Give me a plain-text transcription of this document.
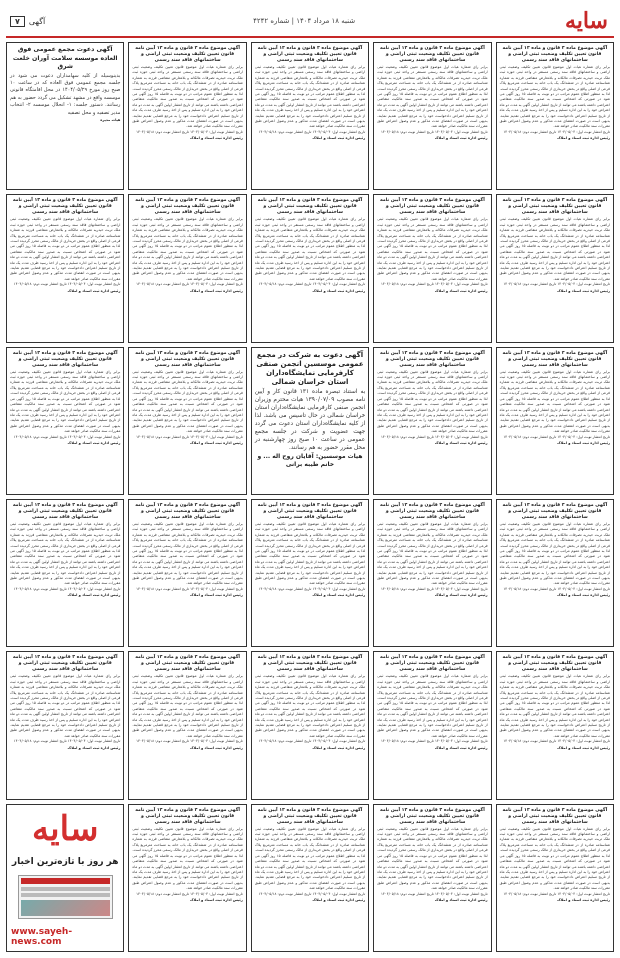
سایه
شنبه ۱۸ مرداد ۱۴۰۴ | شماره ۴۲۴۲
آگهی
۷
آگهی موضوع ماده ۳ قانون و ماده ۱۳ آیین نامه قانون تعیین تکلیف وضعیت ثبتی اراضی و ساختمانهای فاقد سند رسمی
برابر رای شماره هیات اول موضوع قانون تعیین تکلیف وضعیت ثبتی اراضی و ساختمانهای فاقد سند رسمی مستقر در واحد ثبتی حوزه ثبت ملک تربت حیدریه تصرفات مالکانه و بلامعارض متقاضی فرزند به شماره شناسنامه صادره از در ششدانگ یک باب خانه به مساحت مترمربع پلاک فرعی از اصلی واقع در بخش خریداری از مالک رسمی محرز گردیده است. لذا به منظور اطلاع عموم مراتب در دو نوبت به فاصله ۱۵ روز آگهی می شود در صورتی که اشخاص نسبت به صدور سند مالکیت متقاضی اعتراضی داشته باشند می توانند از تاریخ انتشار اولین آگهی به مدت دو ماه اعتراض خود را به این اداره تسلیم و پس از اخذ رسید ظرف مدت یک ماه از تاریخ تسلیم اعتراض دادخواست خود را به مرجع قضایی تقدیم نمایند. بدیهی است در صورت انقضای مدت مذکور و عدم وصول اعتراض طبق مقررات سند مالکیت صادر خواهد شد.
تاریخ انتشار نوبت اول: ۱۴۰۴/۰۵/۰۴ تاریخ انتشار نوبت دوم: ۱۴۰۴/۰۵/۱۸
رئیس اداره ثبت اسناد و املاک
آگهی موضوع ماده ۳ قانون و ماده ۱۳ آیین نامه قانون تعیین تکلیف وضعیت ثبتی اراضی و ساختمانهای فاقد سند رسمی
برابر رای شماره هیات اول موضوع قانون تعیین تکلیف وضعیت ثبتی اراضی و ساختمانهای فاقد سند رسمی مستقر در واحد ثبتی حوزه ثبت ملک تربت حیدریه تصرفات مالکانه و بلامعارض متقاضی فرزند به شماره شناسنامه صادره از در ششدانگ یک باب خانه به مساحت مترمربع پلاک فرعی از اصلی واقع در بخش خریداری از مالک رسمی محرز گردیده است. لذا به منظور اطلاع عموم مراتب در دو نوبت به فاصله ۱۵ روز آگهی می شود در صورتی که اشخاص نسبت به صدور سند مالکیت متقاضی اعتراضی داشته باشند می توانند از تاریخ انتشار اولین آگهی به مدت دو ماه اعتراض خود را به این اداره تسلیم و پس از اخذ رسید ظرف مدت یک ماه از تاریخ تسلیم اعتراض دادخواست خود را به مرجع قضایی تقدیم نمایند. بدیهی است در صورت انقضای مدت مذکور و عدم وصول اعتراض طبق مقررات سند مالکیت صادر خواهد شد.
تاریخ انتشار نوبت اول: ۱۴۰۴/۰۵/۰۴ تاریخ انتشار نوبت دوم: ۱۴۰۴/۰۵/۱۸
رئیس اداره ثبت اسناد و املاک
آگهی موضوع ماده ۳ قانون و ماده ۱۳ آیین نامه قانون تعیین تکلیف وضعیت ثبتی اراضی و ساختمانهای فاقد سند رسمی
برابر رای شماره هیات اول موضوع قانون تعیین تکلیف وضعیت ثبتی اراضی و ساختمانهای فاقد سند رسمی مستقر در واحد ثبتی حوزه ثبت ملک تربت حیدریه تصرفات مالکانه و بلامعارض متقاضی فرزند به شماره شناسنامه صادره از در ششدانگ یک باب خانه به مساحت مترمربع پلاک فرعی از اصلی واقع در بخش خریداری از مالک رسمی محرز گردیده است. لذا به منظور اطلاع عموم مراتب در دو نوبت به فاصله ۱۵ روز آگهی می شود در صورتی که اشخاص نسبت به صدور سند مالکیت متقاضی اعتراضی داشته باشند می توانند از تاریخ انتشار اولین آگهی به مدت دو ماه اعتراض خود را به این اداره تسلیم و پس از اخذ رسید ظرف مدت یک ماه از تاریخ تسلیم اعتراض دادخواست خود را به مرجع قضایی تقدیم نمایند. بدیهی است در صورت انقضای مدت مذکور و عدم وصول اعتراض طبق مقررات سند مالکیت صادر خواهد شد.
تاریخ انتشار نوبت اول: ۱۴۰۴/۰۵/۰۴ تاریخ انتشار نوبت دوم: ۱۴۰۴/۰۵/۱۸
رئیس اداره ثبت اسناد و املاک
آگهی موضوع ماده ۳ قانون و ماده ۱۳ آیین نامه قانون تعیین تکلیف وضعیت ثبتی اراضی و ساختمانهای فاقد سند رسمی
برابر رای شماره هیات اول موضوع قانون تعیین تکلیف وضعیت ثبتی اراضی و ساختمانهای فاقد سند رسمی مستقر در واحد ثبتی حوزه ثبت ملک تربت حیدریه تصرفات مالکانه و بلامعارض متقاضی فرزند به شماره شناسنامه صادره از در ششدانگ یک باب خانه به مساحت مترمربع پلاک فرعی از اصلی واقع در بخش خریداری از مالک رسمی محرز گردیده است. لذا به منظور اطلاع عموم مراتب در دو نوبت به فاصله ۱۵ روز آگهی می شود در صورتی که اشخاص نسبت به صدور سند مالکیت متقاضی اعتراضی داشته باشند می توانند از تاریخ انتشار اولین آگهی به مدت دو ماه اعتراض خود را به این اداره تسلیم و پس از اخذ رسید ظرف مدت یک ماه از تاریخ تسلیم اعتراض دادخواست خود را به مرجع قضایی تقدیم نمایند. بدیهی است در صورت انقضای مدت مذکور و عدم وصول اعتراض طبق مقررات سند مالکیت صادر خواهد شد.
تاریخ انتشار نوبت اول: ۱۴۰۴/۰۵/۰۴ تاریخ انتشار نوبت دوم: ۱۴۰۴/۰۵/۱۸
رئیس اداره ثبت اسناد و املاک
آگهی دعوت مجمع عمومی فوق العاده موسسه سلامت آوران خلعت شرق
بدینوسیله از کلیه سهامداران دعوت می شود در جلسه مجمع عمومی فوق العاده که در ساعت ۱۰ صبح روز مورخ ۱۴۰۴/۰۵/۲۹ در محل اقامتگاه قانونی موسسه واقع در مشهد تشکیل می گردد حضور به هم رسانند. دستور جلسه: ۱- انحلال موسسه ۲- انتخاب مدیر تصفیه و محل تصفیه
هیات مدیره
آگهی موضوع ماده ۳ قانون و ماده ۱۳ آیین نامه قانون تعیین تکلیف وضعیت ثبتی اراضی و ساختمانهای فاقد سند رسمی
برابر رای شماره هیات اول موضوع قانون تعیین تکلیف وضعیت ثبتی اراضی و ساختمانهای فاقد سند رسمی مستقر در واحد ثبتی حوزه ثبت ملک تربت حیدریه تصرفات مالکانه و بلامعارض متقاضی فرزند به شماره شناسنامه صادره از در ششدانگ یک باب خانه به مساحت مترمربع پلاک فرعی از اصلی واقع در بخش خریداری از مالک رسمی محرز گردیده است. لذا به منظور اطلاع عموم مراتب در دو نوبت به فاصله ۱۵ روز آگهی می شود در صورتی که اشخاص نسبت به صدور سند مالکیت متقاضی اعتراضی داشته باشند می توانند از تاریخ انتشار اولین آگهی به مدت دو ماه اعتراض خود را به این اداره تسلیم و پس از اخذ رسید ظرف مدت یک ماه از تاریخ تسلیم اعتراض دادخواست خود را به مرجع قضایی تقدیم نمایند. بدیهی است در صورت انقضای مدت مذکور و عدم وصول اعتراض طبق مقررات سند مالکیت صادر خواهد شد.
تاریخ انتشار نوبت اول: ۱۴۰۴/۰۵/۰۴ تاریخ انتشار نوبت دوم: ۱۴۰۴/۰۵/۱۸
رئیس اداره ثبت اسناد و املاک
آگهی موضوع ماده ۳ قانون و ماده ۱۳ آیین نامه قانون تعیین تکلیف وضعیت ثبتی اراضی و ساختمانهای فاقد سند رسمی
برابر رای شماره هیات اول موضوع قانون تعیین تکلیف وضعیت ثبتی اراضی و ساختمانهای فاقد سند رسمی مستقر در واحد ثبتی حوزه ثبت ملک تربت حیدریه تصرفات مالکانه و بلامعارض متقاضی فرزند به شماره شناسنامه صادره از در ششدانگ یک باب خانه به مساحت مترمربع پلاک فرعی از اصلی واقع در بخش خریداری از مالک رسمی محرز گردیده است. لذا به منظور اطلاع عموم مراتب در دو نوبت به فاصله ۱۵ روز آگهی می شود در صورتی که اشخاص نسبت به صدور سند مالکیت متقاضی اعتراضی داشته باشند می توانند از تاریخ انتشار اولین آگهی به مدت دو ماه اعتراض خود را به این اداره تسلیم و پس از اخذ رسید ظرف مدت یک ماه از تاریخ تسلیم اعتراض دادخواست خود را به مرجع قضایی تقدیم نمایند. بدیهی است در صورت انقضای مدت مذکور و عدم وصول اعتراض طبق مقررات سند مالکیت صادر خواهد شد.
تاریخ انتشار نوبت اول: ۱۴۰۴/۰۵/۰۴ تاریخ انتشار نوبت دوم: ۱۴۰۴/۰۵/۱۸
رئیس اداره ثبت اسناد و املاک
آگهی موضوع ماده ۳ قانون و ماده ۱۳ آیین نامه قانون تعیین تکلیف وضعیت ثبتی اراضی و ساختمانهای فاقد سند رسمی
برابر رای شماره هیات اول موضوع قانون تعیین تکلیف وضعیت ثبتی اراضی و ساختمانهای فاقد سند رسمی مستقر در واحد ثبتی حوزه ثبت ملک تربت حیدریه تصرفات مالکانه و بلامعارض متقاضی فرزند به شماره شناسنامه صادره از در ششدانگ یک باب خانه به مساحت مترمربع پلاک فرعی از اصلی واقع در بخش خریداری از مالک رسمی محرز گردیده است. لذا به منظور اطلاع عموم مراتب در دو نوبت به فاصله ۱۵ روز آگهی می شود در صورتی که اشخاص نسبت به صدور سند مالکیت متقاضی اعتراضی داشته باشند می توانند از تاریخ انتشار اولین آگهی به مدت دو ماه اعتراض خود را به این اداره تسلیم و پس از اخذ رسید ظرف مدت یک ماه از تاریخ تسلیم اعتراض دادخواست خود را به مرجع قضایی تقدیم نمایند. بدیهی است در صورت انقضای مدت مذکور و عدم وصول اعتراض طبق مقررات سند مالکیت صادر خواهد شد.
تاریخ انتشار نوبت اول: ۱۴۰۴/۰۵/۰۴ تاریخ انتشار نوبت دوم: ۱۴۰۴/۰۵/۱۸
رئیس اداره ثبت اسناد و املاک
آگهی موضوع ماده ۳ قانون و ماده ۱۳ آیین نامه قانون تعیین تکلیف وضعیت ثبتی اراضی و ساختمانهای فاقد سند رسمی
برابر رای شماره هیات اول موضوع قانون تعیین تکلیف وضعیت ثبتی اراضی و ساختمانهای فاقد سند رسمی مستقر در واحد ثبتی حوزه ثبت ملک تربت حیدریه تصرفات مالکانه و بلامعارض متقاضی فرزند به شماره شناسنامه صادره از در ششدانگ یک باب خانه به مساحت مترمربع پلاک فرعی از اصلی واقع در بخش خریداری از مالک رسمی محرز گردیده است. لذا به منظور اطلاع عموم مراتب در دو نوبت به فاصله ۱۵ روز آگهی می شود در صورتی که اشخاص نسبت به صدور سند مالکیت متقاضی اعتراضی داشته باشند می توانند از تاریخ انتشار اولین آگهی به مدت دو ماه اعتراض خود را به این اداره تسلیم و پس از اخذ رسید ظرف مدت یک ماه از تاریخ تسلیم اعتراض دادخواست خود را به مرجع قضایی تقدیم نمایند. بدیهی است در صورت انقضای مدت مذکور و عدم وصول اعتراض طبق مقررات سند مالکیت صادر خواهد شد.
تاریخ انتشار نوبت اول: ۱۴۰۴/۰۵/۰۴ تاریخ انتشار نوبت دوم: ۱۴۰۴/۰۵/۱۸
رئیس اداره ثبت اسناد و املاک
آگهی موضوع ماده ۳ قانون و ماده ۱۳ آیین نامه قانون تعیین تکلیف وضعیت ثبتی اراضی و ساختمانهای فاقد سند رسمی
برابر رای شماره هیات اول موضوع قانون تعیین تکلیف وضعیت ثبتی اراضی و ساختمانهای فاقد سند رسمی مستقر در واحد ثبتی حوزه ثبت ملک تربت حیدریه تصرفات مالکانه و بلامعارض متقاضی فرزند به شماره شناسنامه صادره از در ششدانگ یک باب خانه به مساحت مترمربع پلاک فرعی از اصلی واقع در بخش خریداری از مالک رسمی محرز گردیده است. لذا به منظور اطلاع عموم مراتب در دو نوبت به فاصله ۱۵ روز آگهی می شود در صورتی که اشخاص نسبت به صدور سند مالکیت متقاضی اعتراضی داشته باشند می توانند از تاریخ انتشار اولین آگهی به مدت دو ماه اعتراض خود را به این اداره تسلیم و پس از اخذ رسید ظرف مدت یک ماه از تاریخ تسلیم اعتراض دادخواست خود را به مرجع قضایی تقدیم نمایند. بدیهی است در صورت انقضای مدت مذکور و عدم وصول اعتراض طبق مقررات سند مالکیت صادر خواهد شد.
تاریخ انتشار نوبت اول: ۱۴۰۴/۰۵/۰۴ تاریخ انتشار نوبت دوم: ۱۴۰۴/۰۵/۱۸
رئیس اداره ثبت اسناد و املاک
آگهی موضوع ماده ۳ قانون و ماده ۱۳ آیین نامه قانون تعیین تکلیف وضعیت ثبتی اراضی و ساختمانهای فاقد سند رسمی
برابر رای شماره هیات اول موضوع قانون تعیین تکلیف وضعیت ثبتی اراضی و ساختمانهای فاقد سند رسمی مستقر در واحد ثبتی حوزه ثبت ملک تربت حیدریه تصرفات مالکانه و بلامعارض متقاضی فرزند به شماره شناسنامه صادره از در ششدانگ یک باب خانه به مساحت مترمربع پلاک فرعی از اصلی واقع در بخش خریداری از مالک رسمی محرز گردیده است. لذا به منظور اطلاع عموم مراتب در دو نوبت به فاصله ۱۵ روز آگهی می شود در صورتی که اشخاص نسبت به صدور سند مالکیت متقاضی اعتراضی داشته باشند می توانند از تاریخ انتشار اولین آگهی به مدت دو ماه اعتراض خود را به این اداره تسلیم و پس از اخذ رسید ظرف مدت یک ماه از تاریخ تسلیم اعتراض دادخواست خود را به مرجع قضایی تقدیم نمایند. بدیهی است در صورت انقضای مدت مذکور و عدم وصول اعتراض طبق مقررات سند مالکیت صادر خواهد شد.
تاریخ انتشار نوبت اول: ۱۴۰۴/۰۵/۰۴ تاریخ انتشار نوبت دوم: ۱۴۰۴/۰۵/۱۸
رئیس اداره ثبت اسناد و املاک
آگهی موضوع ماده ۳ قانون و ماده ۱۳ آیین نامه قانون تعیین تکلیف وضعیت ثبتی اراضی و ساختمانهای فاقد سند رسمی
برابر رای شماره هیات اول موضوع قانون تعیین تکلیف وضعیت ثبتی اراضی و ساختمانهای فاقد سند رسمی مستقر در واحد ثبتی حوزه ثبت ملک تربت حیدریه تصرفات مالکانه و بلامعارض متقاضی فرزند به شماره شناسنامه صادره از در ششدانگ یک باب خانه به مساحت مترمربع پلاک فرعی از اصلی واقع در بخش خریداری از مالک رسمی محرز گردیده است. لذا به منظور اطلاع عموم مراتب در دو نوبت به فاصله ۱۵ روز آگهی می شود در صورتی که اشخاص نسبت به صدور سند مالکیت متقاضی اعتراضی داشته باشند می توانند از تاریخ انتشار اولین آگهی به مدت دو ماه اعتراض خود را به این اداره تسلیم و پس از اخذ رسید ظرف مدت یک ماه از تاریخ تسلیم اعتراض دادخواست خود را به مرجع قضایی تقدیم نمایند. بدیهی است در صورت انقضای مدت مذکور و عدم وصول اعتراض طبق مقررات سند مالکیت صادر خواهد شد.
تاریخ انتشار نوبت اول: ۱۴۰۴/۰۵/۰۴ تاریخ انتشار نوبت دوم: ۱۴۰۴/۰۵/۱۸
رئیس اداره ثبت اسناد و املاک
آگهی دعوت به شرکت در مجمع عمومی موسسین انجمن صنفی کارفرمایی نمایشگاه‌داران استان خراسان شمالی
به استناد تبصره ماده ۱۳۱ قانون کار و آیین نامه مصوب ۱۳۹۰/۰۷/۰۹ هیات محترم وزیران انجمن صنفی کارفرمایی نمایشگاه‌داران استان خراسان شمالی در حال تاسیس می باشد. لذا از کلیه نمایشگاه‌داران استان دعوت می گردد جهت عضویت و شرکت در جلسه مجمع عمومی در ساعت ۱۰ صبح روز چهارشنبه در محل مقرر حضور به هم رسانند.
هیات موسسین: آقایان روح اله ... و خانم طیبه برانی
آگهی موضوع ماده ۳ قانون و ماده ۱۳ آیین نامه قانون تعیین تکلیف وضعیت ثبتی اراضی و ساختمانهای فاقد سند رسمی
برابر رای شماره هیات اول موضوع قانون تعیین تکلیف وضعیت ثبتی اراضی و ساختمانهای فاقد سند رسمی مستقر در واحد ثبتی حوزه ثبت ملک تربت حیدریه تصرفات مالکانه و بلامعارض متقاضی فرزند به شماره شناسنامه صادره از در ششدانگ یک باب خانه به مساحت مترمربع پلاک فرعی از اصلی واقع در بخش خریداری از مالک رسمی محرز گردیده است. لذا به منظور اطلاع عموم مراتب در دو نوبت به فاصله ۱۵ روز آگهی می شود در صورتی که اشخاص نسبت به صدور سند مالکیت متقاضی اعتراضی داشته باشند می توانند از تاریخ انتشار اولین آگهی به مدت دو ماه اعتراض خود را به این اداره تسلیم و پس از اخذ رسید ظرف مدت یک ماه از تاریخ تسلیم اعتراض دادخواست خود را به مرجع قضایی تقدیم نمایند. بدیهی است در صورت انقضای مدت مذکور و عدم وصول اعتراض طبق مقررات سند مالکیت صادر خواهد شد.
تاریخ انتشار نوبت اول: ۱۴۰۴/۰۵/۰۴ تاریخ انتشار نوبت دوم: ۱۴۰۴/۰۵/۱۸
رئیس اداره ثبت اسناد و املاک
آگهی موضوع ماده ۳ قانون و ماده ۱۳ آیین نامه قانون تعیین تکلیف وضعیت ثبتی اراضی و ساختمانهای فاقد سند رسمی
برابر رای شماره هیات اول موضوع قانون تعیین تکلیف وضعیت ثبتی اراضی و ساختمانهای فاقد سند رسمی مستقر در واحد ثبتی حوزه ثبت ملک تربت حیدریه تصرفات مالکانه و بلامعارض متقاضی فرزند به شماره شناسنامه صادره از در ششدانگ یک باب خانه به مساحت مترمربع پلاک فرعی از اصلی واقع در بخش خریداری از مالک رسمی محرز گردیده است. لذا به منظور اطلاع عموم مراتب در دو نوبت به فاصله ۱۵ روز آگهی می شود در صورتی که اشخاص نسبت به صدور سند مالکیت متقاضی اعتراضی داشته باشند می توانند از تاریخ انتشار اولین آگهی به مدت دو ماه اعتراض خود را به این اداره تسلیم و پس از اخذ رسید ظرف مدت یک ماه از تاریخ تسلیم اعتراض دادخواست خود را به مرجع قضایی تقدیم نمایند. بدیهی است در صورت انقضای مدت مذکور و عدم وصول اعتراض طبق مقررات سند مالکیت صادر خواهد شد.
تاریخ انتشار نوبت اول: ۱۴۰۴/۰۵/۰۴ تاریخ انتشار نوبت دوم: ۱۴۰۴/۰۵/۱۸
رئیس اداره ثبت اسناد و املاک
آگهی موضوع ماده ۳ قانون و ماده ۱۳ آیین نامه قانون تعیین تکلیف وضعیت ثبتی اراضی و ساختمانهای فاقد سند رسمی
برابر رای شماره هیات اول موضوع قانون تعیین تکلیف وضعیت ثبتی اراضی و ساختمانهای فاقد سند رسمی مستقر در واحد ثبتی حوزه ثبت ملک تربت حیدریه تصرفات مالکانه و بلامعارض متقاضی فرزند به شماره شناسنامه صادره از در ششدانگ یک باب خانه به مساحت مترمربع پلاک فرعی از اصلی واقع در بخش خریداری از مالک رسمی محرز گردیده است. لذا به منظور اطلاع عموم مراتب در دو نوبت به فاصله ۱۵ روز آگهی می شود در صورتی که اشخاص نسبت به صدور سند مالکیت متقاضی اعتراضی داشته باشند می توانند از تاریخ انتشار اولین آگهی به مدت دو ماه اعتراض خود را به این اداره تسلیم و پس از اخذ رسید ظرف مدت یک ماه از تاریخ تسلیم اعتراض دادخواست خود را به مرجع قضایی تقدیم نمایند. بدیهی است در صورت انقضای مدت مذکور و عدم وصول اعتراض طبق مقررات سند مالکیت صادر خواهد شد.
تاریخ انتشار نوبت اول: ۱۴۰۴/۰۵/۰۴ تاریخ انتشار نوبت دوم: ۱۴۰۴/۰۵/۱۸
رئیس اداره ثبت اسناد و املاک
آگهی موضوع ماده ۳ قانون و ماده ۱۳ آیین نامه قانون تعیین تکلیف وضعیت ثبتی اراضی و ساختمانهای فاقد سند رسمی
برابر رای شماره هیات اول موضوع قانون تعیین تکلیف وضعیت ثبتی اراضی و ساختمانهای فاقد سند رسمی مستقر در واحد ثبتی حوزه ثبت ملک تربت حیدریه تصرفات مالکانه و بلامعارض متقاضی فرزند به شماره شناسنامه صادره از در ششدانگ یک باب خانه به مساحت مترمربع پلاک فرعی از اصلی واقع در بخش خریداری از مالک رسمی محرز گردیده است. لذا به منظور اطلاع عموم مراتب در دو نوبت به فاصله ۱۵ روز آگهی می شود در صورتی که اشخاص نسبت به صدور سند مالکیت متقاضی اعتراضی داشته باشند می توانند از تاریخ انتشار اولین آگهی به مدت دو ماه اعتراض خود را به این اداره تسلیم و پس از اخذ رسید ظرف مدت یک ماه از تاریخ تسلیم اعتراض دادخواست خود را به مرجع قضایی تقدیم نمایند. بدیهی است در صورت انقضای مدت مذکور و عدم وصول اعتراض طبق مقررات سند مالکیت صادر خواهد شد.
تاریخ انتشار نوبت اول: ۱۴۰۴/۰۵/۰۴ تاریخ انتشار نوبت دوم: ۱۴۰۴/۰۵/۱۸
رئیس اداره ثبت اسناد و املاک
آگهی موضوع ماده ۳ قانون و ماده ۱۳ آیین نامه قانون تعیین تکلیف وضعیت ثبتی اراضی و ساختمانهای فاقد سند رسمی
برابر رای شماره هیات اول موضوع قانون تعیین تکلیف وضعیت ثبتی اراضی و ساختمانهای فاقد سند رسمی مستقر در واحد ثبتی حوزه ثبت ملک تربت حیدریه تصرفات مالکانه و بلامعارض متقاضی فرزند به شماره شناسنامه صادره از در ششدانگ یک باب خانه به مساحت مترمربع پلاک فرعی از اصلی واقع در بخش خریداری از مالک رسمی محرز گردیده است. لذا به منظور اطلاع عموم مراتب در دو نوبت به فاصله ۱۵ روز آگهی می شود در صورتی که اشخاص نسبت به صدور سند مالکیت متقاضی اعتراضی داشته باشند می توانند از تاریخ انتشار اولین آگهی به مدت دو ماه اعتراض خود را به این اداره تسلیم و پس از اخذ رسید ظرف مدت یک ماه از تاریخ تسلیم اعتراض دادخواست خود را به مرجع قضایی تقدیم نمایند. بدیهی است در صورت انقضای مدت مذکور و عدم وصول اعتراض طبق مقررات سند مالکیت صادر خواهد شد.
تاریخ انتشار نوبت اول: ۱۴۰۴/۰۵/۰۴ تاریخ انتشار نوبت دوم: ۱۴۰۴/۰۵/۱۸
رئیس اداره ثبت اسناد و املاک
آگهی موضوع ماده ۳ قانون و ماده ۱۳ آیین نامه قانون تعیین تکلیف وضعیت ثبتی اراضی و ساختمانهای فاقد سند رسمی
برابر رای شماره هیات اول موضوع قانون تعیین تکلیف وضعیت ثبتی اراضی و ساختمانهای فاقد سند رسمی مستقر در واحد ثبتی حوزه ثبت ملک تربت حیدریه تصرفات مالکانه و بلامعارض متقاضی فرزند به شماره شناسنامه صادره از در ششدانگ یک باب خانه به مساحت مترمربع پلاک فرعی از اصلی واقع در بخش خریداری از مالک رسمی محرز گردیده است. لذا به منظور اطلاع عموم مراتب در دو نوبت به فاصله ۱۵ روز آگهی می شود در صورتی که اشخاص نسبت به صدور سند مالکیت متقاضی اعتراضی داشته باشند می توانند از تاریخ انتشار اولین آگهی به مدت دو ماه اعتراض خود را به این اداره تسلیم و پس از اخذ رسید ظرف مدت یک ماه از تاریخ تسلیم اعتراض دادخواست خود را به مرجع قضایی تقدیم نمایند. بدیهی است در صورت انقضای مدت مذکور و عدم وصول اعتراض طبق مقررات سند مالکیت صادر خواهد شد.
تاریخ انتشار نوبت اول: ۱۴۰۴/۰۵/۰۴ تاریخ انتشار نوبت دوم: ۱۴۰۴/۰۵/۱۸
رئیس اداره ثبت اسناد و املاک
آگهی موضوع ماده ۳ قانون و ماده ۱۳ آیین نامه قانون تعیین تکلیف وضعیت ثبتی اراضی و ساختمانهای فاقد سند رسمی
برابر رای شماره هیات اول موضوع قانون تعیین تکلیف وضعیت ثبتی اراضی و ساختمانهای فاقد سند رسمی مستقر در واحد ثبتی حوزه ثبت ملک تربت حیدریه تصرفات مالکانه و بلامعارض متقاضی فرزند به شماره شناسنامه صادره از در ششدانگ یک باب خانه به مساحت مترمربع پلاک فرعی از اصلی واقع در بخش خریداری از مالک رسمی محرز گردیده است. لذا به منظور اطلاع عموم مراتب در دو نوبت به فاصله ۱۵ روز آگهی می شود در صورتی که اشخاص نسبت به صدور سند مالکیت متقاضی اعتراضی داشته باشند می توانند از تاریخ انتشار اولین آگهی به مدت دو ماه اعتراض خود را به این اداره تسلیم و پس از اخذ رسید ظرف مدت یک ماه از تاریخ تسلیم اعتراض دادخواست خود را به مرجع قضایی تقدیم نمایند. بدیهی است در صورت انقضای مدت مذکور و عدم وصول اعتراض طبق مقررات سند مالکیت صادر خواهد شد.
تاریخ انتشار نوبت اول: ۱۴۰۴/۰۵/۰۴ تاریخ انتشار نوبت دوم: ۱۴۰۴/۰۵/۱۸
رئیس اداره ثبت اسناد و املاک
آگهی موضوع ماده ۳ قانون و ماده ۱۳ آیین نامه قانون تعیین تکلیف وضعیت ثبتی اراضی و ساختمانهای فاقد سند رسمی
برابر رای شماره هیات اول موضوع قانون تعیین تکلیف وضعیت ثبتی اراضی و ساختمانهای فاقد سند رسمی مستقر در واحد ثبتی حوزه ثبت ملک تربت حیدریه تصرفات مالکانه و بلامعارض متقاضی فرزند به شماره شناسنامه صادره از در ششدانگ یک باب خانه به مساحت مترمربع پلاک فرعی از اصلی واقع در بخش خریداری از مالک رسمی محرز گردیده است. لذا به منظور اطلاع عموم مراتب در دو نوبت به فاصله ۱۵ روز آگهی می شود در صورتی که اشخاص نسبت به صدور سند مالکیت متقاضی اعتراضی داشته باشند می توانند از تاریخ انتشار اولین آگهی به مدت دو ماه اعتراض خود را به این اداره تسلیم و پس از اخذ رسید ظرف مدت یک ماه از تاریخ تسلیم اعتراض دادخواست خود را به مرجع قضایی تقدیم نمایند. بدیهی است در صورت انقضای مدت مذکور و عدم وصول اعتراض طبق مقررات سند مالکیت صادر خواهد شد.
تاریخ انتشار نوبت اول: ۱۴۰۴/۰۵/۰۴ تاریخ انتشار نوبت دوم: ۱۴۰۴/۰۵/۱۸
رئیس اداره ثبت اسناد و املاک
آگهی موضوع ماده ۳ قانون و ماده ۱۳ آیین نامه قانون تعیین تکلیف وضعیت ثبتی اراضی و ساختمانهای فاقد سند رسمی
برابر رای شماره هیات اول موضوع قانون تعیین تکلیف وضعیت ثبتی اراضی و ساختمانهای فاقد سند رسمی مستقر در واحد ثبتی حوزه ثبت ملک تربت حیدریه تصرفات مالکانه و بلامعارض متقاضی فرزند به شماره شناسنامه صادره از در ششدانگ یک باب خانه به مساحت مترمربع پلاک فرعی از اصلی واقع در بخش خریداری از مالک رسمی محرز گردیده است. لذا به منظور اطلاع عموم مراتب در دو نوبت به فاصله ۱۵ روز آگهی می شود در صورتی که اشخاص نسبت به صدور سند مالکیت متقاضی اعتراضی داشته باشند می توانند از تاریخ انتشار اولین آگهی به مدت دو ماه اعتراض خود را به این اداره تسلیم و پس از اخذ رسید ظرف مدت یک ماه از تاریخ تسلیم اعتراض دادخواست خود را به مرجع قضایی تقدیم نمایند. بدیهی است در صورت انقضای مدت مذکور و عدم وصول اعتراض طبق مقررات سند مالکیت صادر خواهد شد.
تاریخ انتشار نوبت اول: ۱۴۰۴/۰۵/۰۴ تاریخ انتشار نوبت دوم: ۱۴۰۴/۰۵/۱۸
رئیس اداره ثبت اسناد و املاک
آگهی موضوع ماده ۳ قانون و ماده ۱۳ آیین نامه قانون تعیین تکلیف وضعیت ثبتی اراضی و ساختمانهای فاقد سند رسمی
برابر رای شماره هیات اول موضوع قانون تعیین تکلیف وضعیت ثبتی اراضی و ساختمانهای فاقد سند رسمی مستقر در واحد ثبتی حوزه ثبت ملک تربت حیدریه تصرفات مالکانه و بلامعارض متقاضی فرزند به شماره شناسنامه صادره از در ششدانگ یک باب خانه به مساحت مترمربع پلاک فرعی از اصلی واقع در بخش خریداری از مالک رسمی محرز گردیده است. لذا به منظور اطلاع عموم مراتب در دو نوبت به فاصله ۱۵ روز آگهی می شود در صورتی که اشخاص نسبت به صدور سند مالکیت متقاضی اعتراضی داشته باشند می توانند از تاریخ انتشار اولین آگهی به مدت دو ماه اعتراض خود را به این اداره تسلیم و پس از اخذ رسید ظرف مدت یک ماه از تاریخ تسلیم اعتراض دادخواست خود را به مرجع قضایی تقدیم نمایند. بدیهی است در صورت انقضای مدت مذکور و عدم وصول اعتراض طبق مقررات سند مالکیت صادر خواهد شد.
تاریخ انتشار نوبت اول: ۱۴۰۴/۰۵/۰۴ تاریخ انتشار نوبت دوم: ۱۴۰۴/۰۵/۱۸
رئیس اداره ثبت اسناد و املاک
آگهی موضوع ماده ۳ قانون و ماده ۱۳ آیین نامه قانون تعیین تکلیف وضعیت ثبتی اراضی و ساختمانهای فاقد سند رسمی
برابر رای شماره هیات اول موضوع قانون تعیین تکلیف وضعیت ثبتی اراضی و ساختمانهای فاقد سند رسمی مستقر در واحد ثبتی حوزه ثبت ملک تربت حیدریه تصرفات مالکانه و بلامعارض متقاضی فرزند به شماره شناسنامه صادره از در ششدانگ یک باب خانه به مساحت مترمربع پلاک فرعی از اصلی واقع در بخش خریداری از مالک رسمی محرز گردیده است. لذا به منظور اطلاع عموم مراتب در دو نوبت به فاصله ۱۵ روز آگهی می شود در صورتی که اشخاص نسبت به صدور سند مالکیت متقاضی اعتراضی داشته باشند می توانند از تاریخ انتشار اولین آگهی به مدت دو ماه اعتراض خود را به این اداره تسلیم و پس از اخذ رسید ظرف مدت یک ماه از تاریخ تسلیم اعتراض دادخواست خود را به مرجع قضایی تقدیم نمایند. بدیهی است در صورت انقضای مدت مذکور و عدم وصول اعتراض طبق مقررات سند مالکیت صادر خواهد شد.
تاریخ انتشار نوبت اول: ۱۴۰۴/۰۵/۰۴ تاریخ انتشار نوبت دوم: ۱۴۰۴/۰۵/۱۸
رئیس اداره ثبت اسناد و املاک
آگهی موضوع ماده ۳ قانون و ماده ۱۳ آیین نامه قانون تعیین تکلیف وضعیت ثبتی اراضی و ساختمانهای فاقد سند رسمی
برابر رای شماره هیات اول موضوع قانون تعیین تکلیف وضعیت ثبتی اراضی و ساختمانهای فاقد سند رسمی مستقر در واحد ثبتی حوزه ثبت ملک تربت حیدریه تصرفات مالکانه و بلامعارض متقاضی فرزند به شماره شناسنامه صادره از در ششدانگ یک باب خانه به مساحت مترمربع پلاک فرعی از اصلی واقع در بخش خریداری از مالک رسمی محرز گردیده است. لذا به منظور اطلاع عموم مراتب در دو نوبت به فاصله ۱۵ روز آگهی می شود در صورتی که اشخاص نسبت به صدور سند مالکیت متقاضی اعتراضی داشته باشند می توانند از تاریخ انتشار اولین آگهی به مدت دو ماه اعتراض خود را به این اداره تسلیم و پس از اخذ رسید ظرف مدت یک ماه از تاریخ تسلیم اعتراض دادخواست خود را به مرجع قضایی تقدیم نمایند. بدیهی است در صورت انقضای مدت مذکور و عدم وصول اعتراض طبق مقررات سند مالکیت صادر خواهد شد.
تاریخ انتشار نوبت اول: ۱۴۰۴/۰۵/۰۴ تاریخ انتشار نوبت دوم: ۱۴۰۴/۰۵/۱۸
رئیس اداره ثبت اسناد و املاک
آگهی موضوع ماده ۳ قانون و ماده ۱۳ آیین نامه قانون تعیین تکلیف وضعیت ثبتی اراضی و ساختمانهای فاقد سند رسمی
برابر رای شماره هیات اول موضوع قانون تعیین تکلیف وضعیت ثبتی اراضی و ساختمانهای فاقد سند رسمی مستقر در واحد ثبتی حوزه ثبت ملک تربت حیدریه تصرفات مالکانه و بلامعارض متقاضی فرزند به شماره شناسنامه صادره از در ششدانگ یک باب خانه به مساحت مترمربع پلاک فرعی از اصلی واقع در بخش خریداری از مالک رسمی محرز گردیده است. لذا به منظور اطلاع عموم مراتب در دو نوبت به فاصله ۱۵ روز آگهی می شود در صورتی که اشخاص نسبت به صدور سند مالکیت متقاضی اعتراضی داشته باشند می توانند از تاریخ انتشار اولین آگهی به مدت دو ماه اعتراض خود را به این اداره تسلیم و پس از اخذ رسید ظرف مدت یک ماه از تاریخ تسلیم اعتراض دادخواست خود را به مرجع قضایی تقدیم نمایند. بدیهی است در صورت انقضای مدت مذکور و عدم وصول اعتراض طبق مقررات سند مالکیت صادر خواهد شد.
تاریخ انتشار نوبت اول: ۱۴۰۴/۰۵/۰۴ تاریخ انتشار نوبت دوم: ۱۴۰۴/۰۵/۱۸
رئیس اداره ثبت اسناد و املاک
آگهی موضوع ماده ۳ قانون و ماده ۱۳ آیین نامه قانون تعیین تکلیف وضعیت ثبتی اراضی و ساختمانهای فاقد سند رسمی
برابر رای شماره هیات اول موضوع قانون تعیین تکلیف وضعیت ثبتی اراضی و ساختمانهای فاقد سند رسمی مستقر در واحد ثبتی حوزه ثبت ملک تربت حیدریه تصرفات مالکانه و بلامعارض متقاضی فرزند به شماره شناسنامه صادره از در ششدانگ یک باب خانه به مساحت مترمربع پلاک فرعی از اصلی واقع در بخش خریداری از مالک رسمی محرز گردیده است. لذا به منظور اطلاع عموم مراتب در دو نوبت به فاصله ۱۵ روز آگهی می شود در صورتی که اشخاص نسبت به صدور سند مالکیت متقاضی اعتراضی داشته باشند می توانند از تاریخ انتشار اولین آگهی به مدت دو ماه اعتراض خود را به این اداره تسلیم و پس از اخذ رسید ظرف مدت یک ماه از تاریخ تسلیم اعتراض دادخواست خود را به مرجع قضایی تقدیم نمایند. بدیهی است در صورت انقضای مدت مذکور و عدم وصول اعتراض طبق مقررات سند مالکیت صادر خواهد شد.
تاریخ انتشار نوبت اول: ۱۴۰۴/۰۵/۰۴ تاریخ انتشار نوبت دوم: ۱۴۰۴/۰۵/۱۸
رئیس اداره ثبت اسناد و املاک
آگهی موضوع ماده ۳ قانون و ماده ۱۳ آیین نامه قانون تعیین تکلیف وضعیت ثبتی اراضی و ساختمانهای فاقد سند رسمی
برابر رای شماره هیات اول موضوع قانون تعیین تکلیف وضعیت ثبتی اراضی و ساختمانهای فاقد سند رسمی مستقر در واحد ثبتی حوزه ثبت ملک تربت حیدریه تصرفات مالکانه و بلامعارض متقاضی فرزند به شماره شناسنامه صادره از در ششدانگ یک باب خانه به مساحت مترمربع پلاک فرعی از اصلی واقع در بخش خریداری از مالک رسمی محرز گردیده است. لذا به منظور اطلاع عموم مراتب در دو نوبت به فاصله ۱۵ روز آگهی می شود در صورتی که اشخاص نسبت به صدور سند مالکیت متقاضی اعتراضی داشته باشند می توانند از تاریخ انتشار اولین آگهی به مدت دو ماه اعتراض خود را به این اداره تسلیم و پس از اخذ رسید ظرف مدت یک ماه از تاریخ تسلیم اعتراض دادخواست خود را به مرجع قضایی تقدیم نمایند. بدیهی است در صورت انقضای مدت مذکور و عدم وصول اعتراض طبق مقررات سند مالکیت صادر خواهد شد.
تاریخ انتشار نوبت اول: ۱۴۰۴/۰۵/۰۴ تاریخ انتشار نوبت دوم: ۱۴۰۴/۰۵/۱۸
رئیس اداره ثبت اسناد و املاک
آگهی موضوع ماده ۳ قانون و ماده ۱۳ آیین نامه قانون تعیین تکلیف وضعیت ثبتی اراضی و ساختمانهای فاقد سند رسمی
برابر رای شماره هیات اول موضوع قانون تعیین تکلیف وضعیت ثبتی اراضی و ساختمانهای فاقد سند رسمی مستقر در واحد ثبتی حوزه ثبت ملک تربت حیدریه تصرفات مالکانه و بلامعارض متقاضی فرزند به شماره شناسنامه صادره از در ششدانگ یک باب خانه به مساحت مترمربع پلاک فرعی از اصلی واقع در بخش خریداری از مالک رسمی محرز گردیده است. لذا به منظور اطلاع عموم مراتب در دو نوبت به فاصله ۱۵ روز آگهی می شود در صورتی که اشخاص نسبت به صدور سند مالکیت متقاضی اعتراضی داشته باشند می توانند از تاریخ انتشار اولین آگهی به مدت دو ماه اعتراض خود را به این اداره تسلیم و پس از اخذ رسید ظرف مدت یک ماه از تاریخ تسلیم اعتراض دادخواست خود را به مرجع قضایی تقدیم نمایند. بدیهی است در صورت انقضای مدت مذکور و عدم وصول اعتراض طبق مقررات سند مالکیت صادر خواهد شد.
تاریخ انتشار نوبت اول: ۱۴۰۴/۰۵/۰۴ تاریخ انتشار نوبت دوم: ۱۴۰۴/۰۵/۱۸
رئیس اداره ثبت اسناد و املاک
سایه
هر روز با تازه‌ترین اخبار
www.sayeh-news.com
